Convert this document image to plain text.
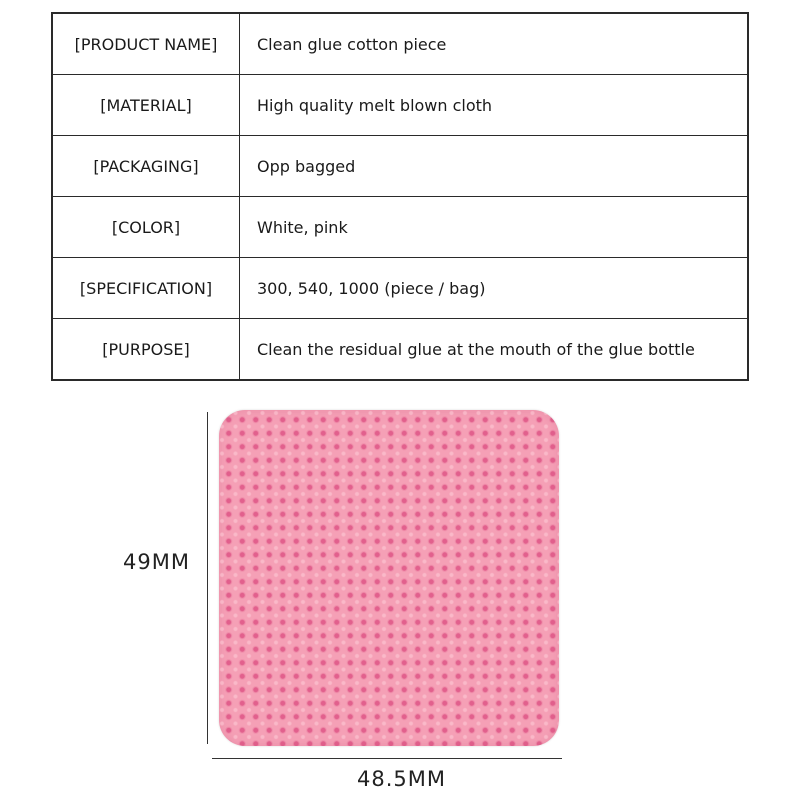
[PRODUCT NAME]	Clean glue cotton piece
[MATERIAL]	High quality melt blown cloth
[PACKAGING]	Opp bagged
[COLOR]	White, pink
[SPECIFICATION]	300, 540, 1000 (piece / bag)
[PURPOSE]	Clean the residual glue at the mouth of the glue bottle
49MM
48.5MM
